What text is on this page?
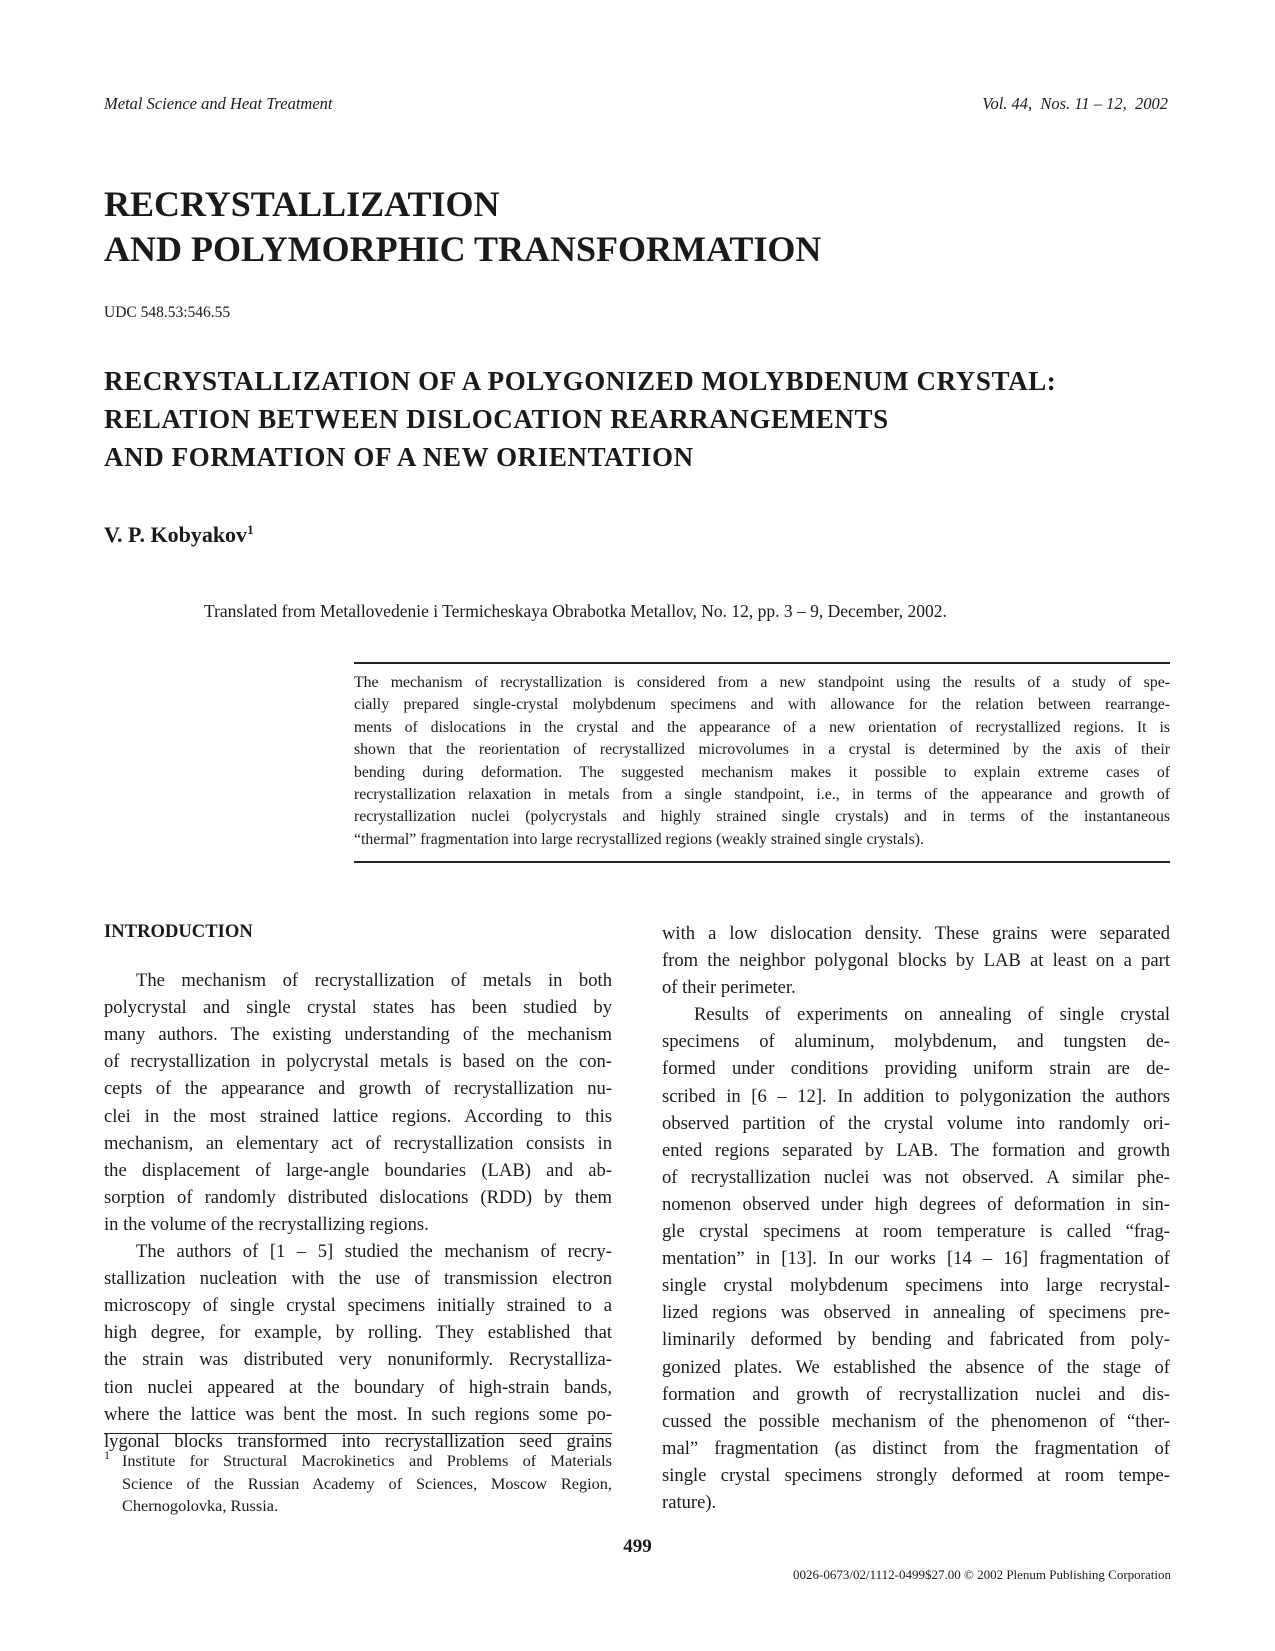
Metal Science and Heat Treatment	Vol. 44,  Nos. 11 – 12,  2002
RECRYSTALLIZATION
AND POLYMORPHIC TRANSFORMATION
UDC 548.53:546.55
RECRYSTALLIZATION OF A POLYGONIZED MOLYBDENUM CRYSTAL:
RELATION BETWEEN DISLOCATION REARRANGEMENTS
AND FORMATION OF A NEW ORIENTATION
V. P. Kobyakov$^1$
Translated from Metallovedenie i Termicheskaya Obrabotka Metallov, No. 12, pp. 3 – 9, December, 2002.
The mechanism of recrystallization is considered from a new standpoint using the results of a study of spe-
cially prepared single-crystal molybdenum specimens and with allowance for the relation between rearrange-
ments of dislocations in the crystal and the appearance of a new orientation of recrystallized regions. It is
shown that the reorientation of recrystallized microvolumes in a crystal is determined by the axis of their
bending during deformation. The suggested mechanism makes it possible to explain extreme cases of
recrystallization relaxation in metals from a single standpoint, i.e., in terms of the appearance and growth of
recrystallization nuclei (polycrystals and highly strained single crystals) and in terms of the instantaneous
“thermal” fragmentation into large recrystallized regions (weakly strained single crystals).
INTRODUCTION
The mechanism of recrystallization of metals in both
polycrystal and single crystal states has been studied by
many authors. The existing understanding of the mechanism
of recrystallization in polycrystal metals is based on the con-
cepts of the appearance and growth of recrystallization nu-
clei in the most strained lattice regions. According to this
mechanism, an elementary act of recrystallization consists in
the displacement of large-angle boundaries (LAB) and ab-
sorption of randomly distributed dislocations (RDD) by them
in the volume of the recrystallizing regions.
The authors of [1 – 5] studied the mechanism of recry-
stallization nucleation with the use of transmission electron
microscopy of single crystal specimens initially strained to a
high degree, for example, by rolling. They established that
the strain was distributed very nonuniformly. Recrystalliza-
tion nuclei appeared at the boundary of high-strain bands,
where the lattice was bent the most. In such regions some po-
lygonal blocks transformed into recrystallization seed grains
with a low dislocation density. These grains were separated
from the neighbor polygonal blocks by LAB at least on a part
of their perimeter.
Results of experiments on annealing of single crystal
specimens of aluminum, molybdenum, and tungsten de-
formed under conditions providing uniform strain are de-
scribed in [6 – 12]. In addition to polygonization the authors
observed partition of the crystal volume into randomly ori-
ented regions separated by LAB. The formation and growth
of recrystallization nuclei was not observed. A similar phe-
nomenon observed under high degrees of deformation in sin-
gle crystal specimens at room temperature is called “frag-
mentation” in [13]. In our works [14 – 16] fragmentation of
single crystal molybdenum specimens into large recrystal-
lized regions was observed in annealing of specimens pre-
liminarily deformed by bending and fabricated from poly-
gonized plates. We established the absence of the stage of
formation and growth of recrystallization nuclei and dis-
cussed the possible mechanism of the phenomenon of “ther-
mal” fragmentation (as distinct from the fragmentation of
single crystal specimens strongly deformed at room tempe-
rature).
1 Institute for Structural Macrokinetics and Problems of Materials
Science of the Russian Academy of Sciences, Moscow Region,
Chernogolovka, Russia.
499
0026-0673/02/1112-0499$27.00 © 2002 Plenum Publishing Corporation
